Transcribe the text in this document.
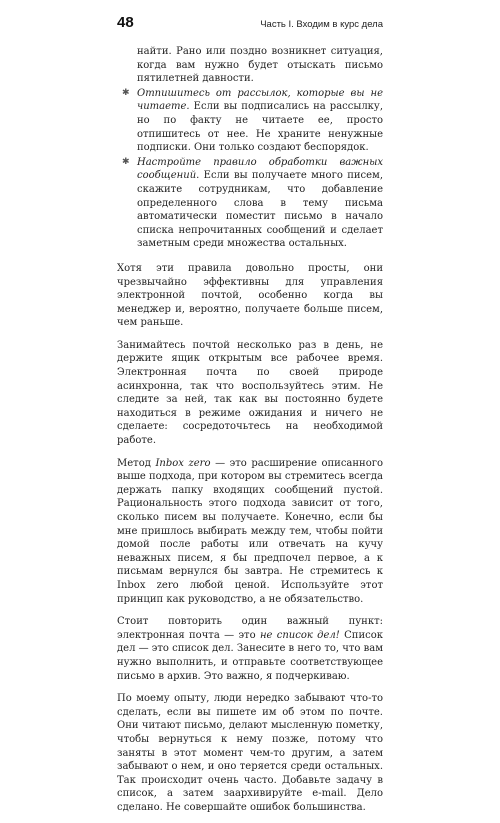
48	Часть I. Входим в курс дела
найти. Рано или поздно возникнет ситуация, когда вам нужно будет отыскать письмо пятилетней давности.
✱ Отпишитесь от рассылок, которые вы не читаете. Если вы подписались на рассылку, но по факту не читаете ее, просто отпишитесь от нее. Не храните ненужные подписки. Они только создают беспорядок.
✱ Настройте правило обработки важных сообщений. Если вы получаете много писем, скажите сотрудникам, что добавление определенного слова в тему письма автоматически поместит письмо в начало списка непрочитанных сообщений и сделает заметным среди множества остальных.

Хотя эти правила довольно просты, они чрезвычайно эффективны для управления электронной почтой, особенно когда вы менеджер и, вероятно, получаете больше писем, чем раньше.

Занимайтесь почтой несколько раз в день, не держите ящик открытым все рабочее время. Электронная почта по своей природе асинхронна, так что воспользуйтесь этим. Не следите за ней, так как вы постоянно будете находиться в режиме ожидания и ничего не сделаете: сосредоточьтесь на необходимой работе.

Метод Inbox zero — это расширение описанного выше подхода, при котором вы стремитесь всегда держать папку входящих сообщений пустой. Рациональность этого подхода зависит от того, сколько писем вы получаете. Конечно, если бы мне пришлось выбирать между тем, чтобы пойти домой после работы или отвечать на кучу неважных писем, я бы предпочел первое, а к письмам вернулся бы завтра. Не стремитесь к Inbox zero любой ценой. Используйте этот принцип как руководство, а не обязательство.

Стоит повторить один важный пункт: электронная почта — это не список дел! Список дел — это список дел. Занесите в него то, что вам нужно выполнить, и отправьте соответствующее письмо в архив. Это важно, я подчеркиваю.

По моему опыту, люди нередко забывают что-то сделать, если вы пишете им об этом по почте. Они читают письмо, делают мысленную пометку, чтобы вернуться к нему позже, потому что заняты в этот момент чем-то другим, а затем забывают о нем, и оно теряется среди остальных. Так происходит очень часто. Добавьте задачу в список, а затем заархивируйте e-mail. Дело сделано. Не совершайте ошибок большинства.
